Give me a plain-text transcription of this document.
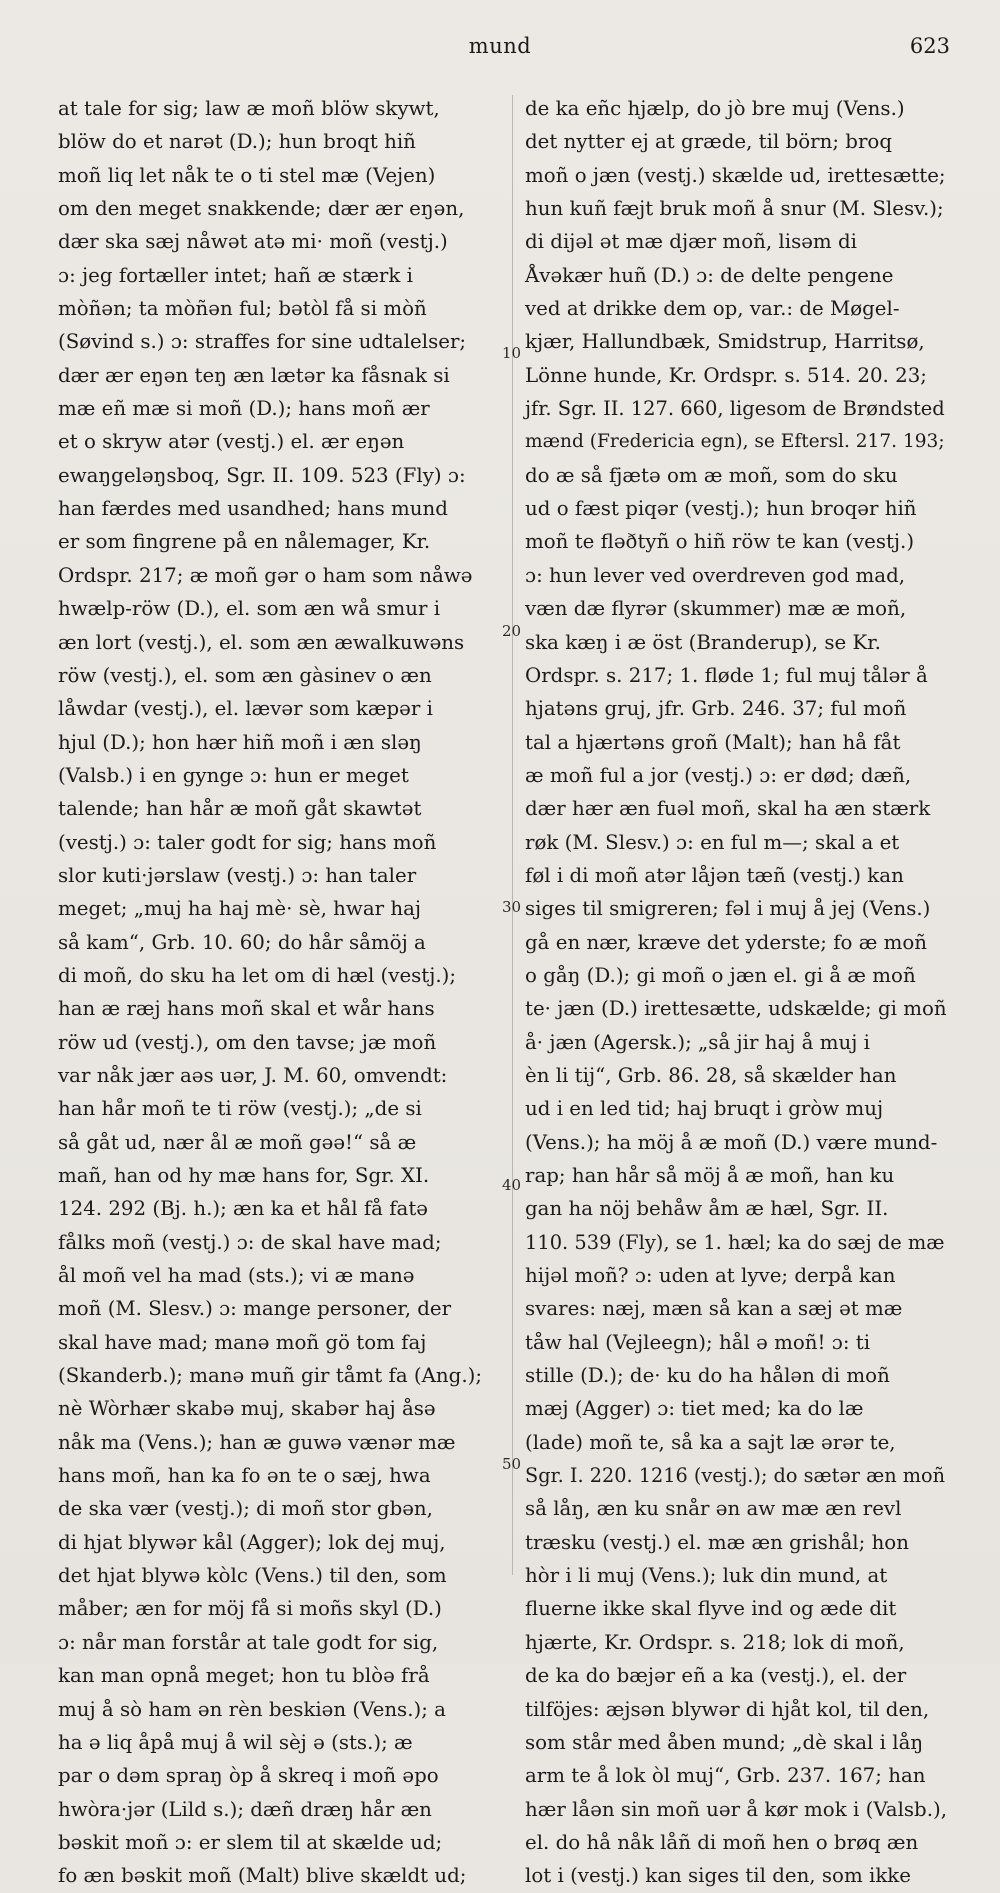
mund	623
10
20
30
40
50
at tale for sig; law æ moñ blöw skywt,
blöw do et narət (D.); hun broqt hiñ
moñ liq let nåk te o ti stel mæ (Vejen)
om den meget snakkende; dær ær eŋən,
dær ska sæj nåwət atə mi· moñ (vestj.)
ɔ: jeg fortæller intet; hañ æ stærk i
mòñən; ta mòñən ful; bətòl få si mòñ
(Søvind s.) ɔ: straffes for sine udtalelser;
dær ær eŋən teŋ æn lætər ka fåsnak si
mæ eñ mæ si moñ (D.); hans moñ ær
et o skryw atər (vestj.) el. ær eŋən
ewaŋgeləŋsboq, Sgr. II. 109. 523 (Fly) ɔ:
han færdes med usandhed; hans mund
er som fingrene på en nålemager, Kr.
Ordspr. 217; æ moñ gər o ham som nåwə
hwælp-röw (D.), el. som æn wå smur i
æn lort (vestj.), el. som æn æwalkuwəns
röw (vestj.), el. som æn gàsinev o æn
låwdar (vestj.), el. lævər som kæpər i
hjul (D.); hon hær hiñ moñ i æn sləŋ
(Valsb.) i en gynge ɔ: hun er meget
talende; han hår æ moñ gåt skawtət
(vestj.) ɔ: taler godt for sig; hans moñ
slor kuti·jərslaw (vestj.) ɔ: han taler
meget; „muj ha haj mè· sè, hwar haj
så kam“, Grb. 10. 60; do hår såmöj a
di moñ, do sku ha let om di hæl (vestj.);
han æ ræj hans moñ skal et wår hans
röw ud (vestj.), om den tavse; jæ moñ
var nåk jær aəs uər, J. M. 60, omvendt:
han hår moñ te ti röw (vestj.); „de si
så gåt ud, nær ål æ moñ gəə!“ så æ
mañ, han od hy mæ hans for, Sgr. XI.
124. 292 (Bj. h.); æn ka et hål få fatə
fålks moñ (vestj.) ɔ: de skal have mad;
ål moñ vel ha mad (sts.); vi æ manə
moñ (M. Slesv.) ɔ: mange personer, der
skal have mad; manə moñ gö tom faj
(Skanderb.); manə muñ gir tåmt fa (Ang.);
nè Wòrhær skabə muj, skabər haj åsə
nåk ma (Vens.); han æ guwə vænər mæ
hans moñ, han ka fo ən te o sæj, hwa
de ska vær (vestj.); di moñ stor gbən,
di hjat blywər kål (Agger); lok dej muj,
det hjat blywə kòlc (Vens.) til den, som
måber; æn for möj få si moñs skyl (D.)
ɔ: når man forstår at tale godt for sig,
kan man opnå meget; hon tu blòə frå
muj å sò ham ən rèn beskiən (Vens.); a
ha ə liq åpå muj å wil sèj ə (sts.); æ
par o dəm spraŋ òp å skreq i moñ əpo
hwòra·jər (Lild s.); dæñ dræŋ hår æn
bəskit moñ ɔ: er slem til at skælde ud;
fo æn bəskit moñ (Malt) blive skældt ud;
de ka eñc hjælp, do jò bre muj (Vens.)
det nytter ej at græde, til börn; broq
moñ o jæn (vestj.) skælde ud, irettesætte;
hun kuñ fæjt bruk moñ å snur (M. Slesv.);
di dijəl ət mæ djær moñ, lisəm di
Åvəkær huñ (D.) ɔ: de delte pengene
ved at drikke dem op, var.: de Møgel-
kjær, Hallundbæk, Smidstrup, Harritsø,
Lönne hunde, Kr. Ordspr. s. 514. 20. 23;
jfr. Sgr. II. 127. 660, ligesom de Brøndsted
mænd (Fredericia egn), se Eftersl. 217. 193;
do æ så fjætə om æ moñ, som do sku
ud o fæst piqər (vestj.); hun broqər hiñ
moñ te fləðtyñ o hiñ röw te kan (vestj.)
ɔ: hun lever ved overdreven god mad,
væn dæ flyrər (skummer) mæ æ moñ,
ska kæŋ i æ öst (Branderup), se Kr.
Ordspr. s. 217; 1. fløde 1; ful muj tålər å
hjatəns gruj, jfr. Grb. 246. 37; ful moñ
tal a hjærtəns groñ (Malt); han hå fåt
æ moñ ful a jor (vestj.) ɔ: er død; dæñ,
dær hær æn fuəl moñ, skal ha æn stærk
røk (M. Slesv.) ɔ: en ful m—; skal a et
føl i di moñ atər låjən tæñ (vestj.) kan
siges til smigreren; fəl i muj å jej (Vens.)
gå en nær, kræve det yderste; fo æ moñ
o gåŋ (D.); gi moñ o jæn el. gi å æ moñ
te· jæn (D.) irettesætte, udskælde; gi moñ
å· jæn (Agersk.); „så jir haj å muj i
èn li tij“, Grb. 86. 28, så skælder han
ud i en led tid; haj bruqt i gròw muj
(Vens.); ha möj å æ moñ (D.) være mund-
rap; han hår så möj å æ moñ, han ku
gan ha nöj behåw åm æ hæl, Sgr. II.
110. 539 (Fly), se 1. hæl; ka do sæj de mæ
hijəl moñ? ɔ: uden at lyve; derpå kan
svares: næj, mæn så kan a sæj ət mæ
tåw hal (Vejleegn); hål ə moñ! ɔ: ti
stille (D.); de· ku do ha hålən di moñ
mæj (Agger) ɔ: tiet med; ka do læ
(lade) moñ te, så ka a sajt læ ərər te,
Sgr. I. 220. 1216 (vestj.); do sætər æn moñ
så låŋ, æn ku snår ən aw mæ æn revl
træsku (vestj.) el. mæ æn grishål; hon
hòr i li muj (Vens.); luk din mund, at
fluerne ikke skal flyve ind og æde dit
hjærte, Kr. Ordspr. s. 218; lok di moñ,
de ka do bæjər eñ a ka (vestj.), el. der
tilföjes: æjsən blywər di hjåt kol, til den,
som står med åben mund; „dè skal i låŋ
arm te å lok òl muj“, Grb. 237. 167; han
hær låən sin moñ uər å kør mok i (Valsb.),
el. do hå nåk låñ di moñ hen o brøq æn
lot i (vestj.) kan siges til den, som ikke
